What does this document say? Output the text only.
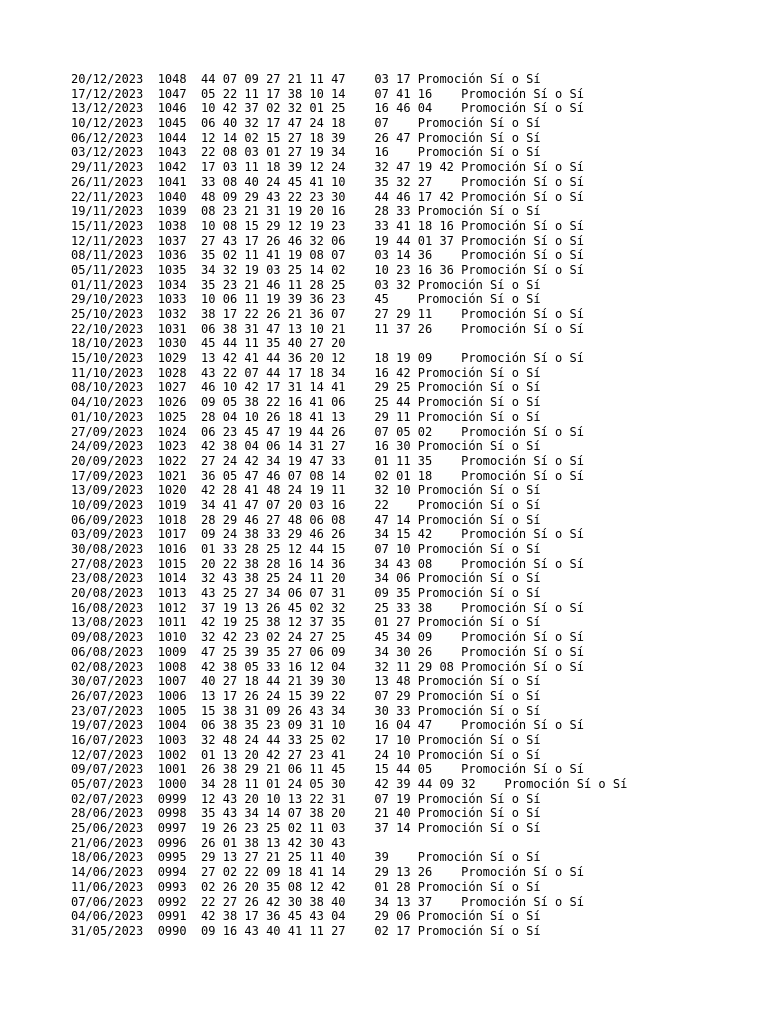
20/12/2023  1048  44 07 09 27 21 11 47    03 17 Promoción Sí o Sí
17/12/2023  1047  05 22 11 17 38 10 14    07 41 16    Promoción Sí o Sí
13/12/2023  1046  10 42 37 02 32 01 25    16 46 04    Promoción Sí o Sí
10/12/2023  1045  06 40 32 17 47 24 18    07    Promoción Sí o Sí
06/12/2023  1044  12 14 02 15 27 18 39    26 47 Promoción Sí o Sí
03/12/2023  1043  22 08 03 01 27 19 34    16    Promoción Sí o Sí
29/11/2023  1042  17 03 11 18 39 12 24    32 47 19 42 Promoción Sí o Sí
26/11/2023  1041  33 08 40 24 45 41 10    35 32 27    Promoción Sí o Sí
22/11/2023  1040  48 09 29 43 22 23 30    44 46 17 42 Promoción Sí o Sí
19/11/2023  1039  08 23 21 31 19 20 16    28 33 Promoción Sí o Sí
15/11/2023  1038  10 08 15 29 12 19 23    33 41 18 16 Promoción Sí o Sí
12/11/2023  1037  27 43 17 26 46 32 06    19 44 01 37 Promoción Sí o Sí
08/11/2023  1036  35 02 11 41 19 08 07    03 14 36    Promoción Sí o Sí
05/11/2023  1035  34 32 19 03 25 14 02    10 23 16 36 Promoción Sí o Sí
01/11/2023  1034  35 23 21 46 11 28 25    03 32 Promoción Sí o Sí
29/10/2023  1033  10 06 11 19 39 36 23    45    Promoción Sí o Sí
25/10/2023  1032  38 17 22 26 21 36 07    27 29 11    Promoción Sí o Sí
22/10/2023  1031  06 38 31 47 13 10 21    11 37 26    Promoción Sí o Sí
18/10/2023  1030  45 44 11 35 40 27 20
15/10/2023  1029  13 42 41 44 36 20 12    18 19 09    Promoción Sí o Sí
11/10/2023  1028  43 22 07 44 17 18 34    16 42 Promoción Sí o Sí
08/10/2023  1027  46 10 42 17 31 14 41    29 25 Promoción Sí o Sí
04/10/2023  1026  09 05 38 22 16 41 06    25 44 Promoción Sí o Sí
01/10/2023  1025  28 04 10 26 18 41 13    29 11 Promoción Sí o Sí
27/09/2023  1024  06 23 45 47 19 44 26    07 05 02    Promoción Sí o Sí
24/09/2023  1023  42 38 04 06 14 31 27    16 30 Promoción Sí o Sí
20/09/2023  1022  27 24 42 34 19 47 33    01 11 35    Promoción Sí o Sí
17/09/2023  1021  36 05 47 46 07 08 14    02 01 18    Promoción Sí o Sí
13/09/2023  1020  42 28 41 48 24 19 11    32 10 Promoción Sí o Sí
10/09/2023  1019  34 41 47 07 20 03 16    22    Promoción Sí o Sí
06/09/2023  1018  28 29 46 27 48 06 08    47 14 Promoción Sí o Sí
03/09/2023  1017  09 24 38 33 29 46 26    34 15 42    Promoción Sí o Sí
30/08/2023  1016  01 33 28 25 12 44 15    07 10 Promoción Sí o Sí
27/08/2023  1015  20 22 38 28 16 14 36    34 43 08    Promoción Sí o Sí
23/08/2023  1014  32 43 38 25 24 11 20    34 06 Promoción Sí o Sí
20/08/2023  1013  43 25 27 34 06 07 31    09 35 Promoción Sí o Sí
16/08/2023  1012  37 19 13 26 45 02 32    25 33 38    Promoción Sí o Sí
13/08/2023  1011  42 19 25 38 12 37 35    01 27 Promoción Sí o Sí
09/08/2023  1010  32 42 23 02 24 27 25    45 34 09    Promoción Sí o Sí
06/08/2023  1009  47 25 39 35 27 06 09    34 30 26    Promoción Sí o Sí
02/08/2023  1008  42 38 05 33 16 12 04    32 11 29 08 Promoción Sí o Sí
30/07/2023  1007  40 27 18 44 21 39 30    13 48 Promoción Sí o Sí
26/07/2023  1006  13 17 26 24 15 39 22    07 29 Promoción Sí o Sí
23/07/2023  1005  15 38 31 09 26 43 34    30 33 Promoción Sí o Sí
19/07/2023  1004  06 38 35 23 09 31 10    16 04 47    Promoción Sí o Sí
16/07/2023  1003  32 48 24 44 33 25 02    17 10 Promoción Sí o Sí
12/07/2023  1002  01 13 20 42 27 23 41    24 10 Promoción Sí o Sí
09/07/2023  1001  26 38 29 21 06 11 45    15 44 05    Promoción Sí o Sí
05/07/2023  1000  34 28 11 01 24 05 30    42 39 44 09 32    Promoción Sí o Sí
02/07/2023  0999  12 43 20 10 13 22 31    07 19 Promoción Sí o Sí
28/06/2023  0998  35 43 34 14 07 38 20    21 40 Promoción Sí o Sí
25/06/2023  0997  19 26 23 25 02 11 03    37 14 Promoción Sí o Sí
21/06/2023  0996  26 01 38 13 42 30 43
18/06/2023  0995  29 13 27 21 25 11 40    39    Promoción Sí o Sí
14/06/2023  0994  27 02 22 09 18 41 14    29 13 26    Promoción Sí o Sí
11/06/2023  0993  02 26 20 35 08 12 42    01 28 Promoción Sí o Sí
07/06/2023  0992  22 27 26 42 30 38 40    34 13 37    Promoción Sí o Sí
04/06/2023  0991  42 38 17 36 45 43 04    29 06 Promoción Sí o Sí
31/05/2023  0990  09 16 43 40 41 11 27    02 17 Promoción Sí o Sí
